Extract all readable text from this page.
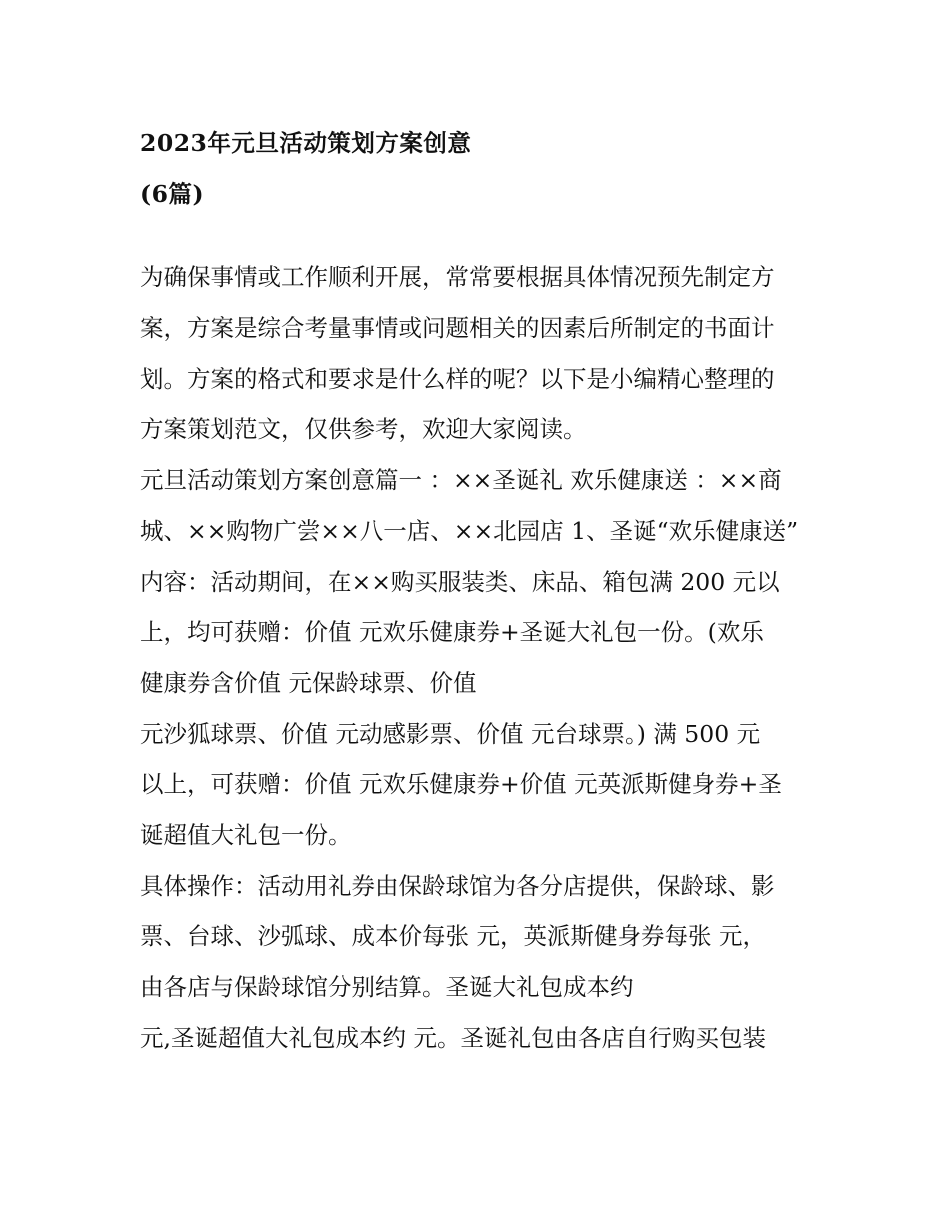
2023年元旦活动策划方案创意
(6篇)
为确保事情或工作顺利开展，常常要根据具体情况预先制定方
案，方案是综合考量事情或问题相关的因素后所制定的书面计
划。方案的格式和要求是什么样的呢？以下是小编精心整理的
方案策划范文，仅供参考，欢迎大家阅读。
元旦活动策划方案创意篇一 ：××圣诞礼 欢乐健康送 ：××商
城、××购物广尝××八一店、××北园店 1、圣诞“欢乐健康送”
内容：活动期间，在××购买服装类、床品、箱包满 200 元以
上，均可获赠：价值 元欢乐健康券+圣诞大礼包一份。(欢乐
健康券含价值 元保龄球票、价值
元沙狐球票、价值 元动感影票、价值 元台球票。) 满 500 元
以上，可获赠：价值 元欢乐健康券+价值 元英派斯健身券+圣
诞超值大礼包一份。
具体操作：活动用礼券由保龄球馆为各分店提供，保龄球、影
票、台球、沙弧球、成本价每张 元，英派斯健身券每张 元，
由各店与保龄球馆分别结算。圣诞大礼包成本约
元,圣诞超值大礼包成本约 元。圣诞礼包由各店自行购买包装
